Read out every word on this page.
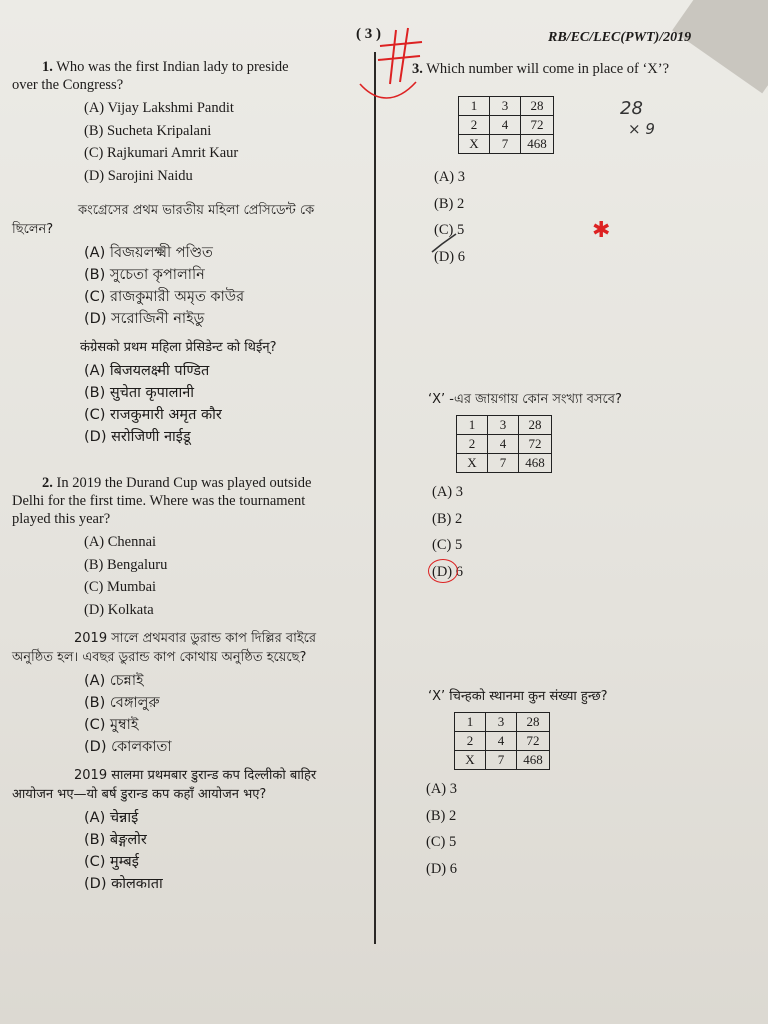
( 3 )	RB/EC/LEC(PWT)/2019
1. Who was the first Indian lady to preside
over the Congress?
(A) Vijay Lakshmi Pandit
(B) Sucheta Kripalani
(C) Rajkumari Amrit Kaur
(D) Sarojini Naidu
কংগ্রেসের প্রথম ভারতীয় মহিলা প্রেসিডেন্ট কে
ছিলেন?
(A) বিজয়লক্ষ্মী পণ্ডিত
(B) সুচেতা কৃপালানি
(C) রাজকুমারী অমৃত কাউর
(D) সরোজিনী নাইডু
कंग्रेसको प्रथम महिला प्रेसिडेन्ट को थिईन्?
(A) बिजयलक्ष्मी पण्डित
(B) सुचेता कृपालानी
(C) राजकुमारी अमृत कौर
(D) सरोजिणी नाईडू
2. In 2019 the Durand Cup was played outside
Delhi for the first time. Where was the tournament
played this year?
(A) Chennai
(B) Bengaluru
(C) Mumbai
(D) Kolkata
2019 সালে প্রথমবার ডুরান্ড কাপ দিল্লির বাইরে
অনুষ্ঠিত হল। এবছর ডুরান্ড কাপ কোথায় অনুষ্ঠিত হয়েছে?
(A) চেন্নাই
(B) বেঙ্গালুরু
(C) মুম্বাই
(D) কোলকাতা
2019 सालमा प्रथमबार डुरान्ड कप दिल्लीको बाहिर
आयोजन भए—यो बर्ष डुरान्ड कप कहाँ आयोजन भए?
(A) चेन्नाई
(B) बेङ्गलोर
(C) मुम्बई
(D) कोलकाता
3. Which number will come in place of ‘X’?
1	3	28
2	4	72
X	7	468
(A) 3
(B) 2
(C) 5
(D) 6
‘X’ -এর জায়গায় কোন সংখ্যা বসবে?
1	3	28
2	4	72
X	7	468
(A) 3
(B) 2
(C) 5
(D) 6
‘X’ चिन्हको स्थानमा कुन संख्या हुन्छ?
1	3	28
2	4	72
X	7	468
(A) 3
(B) 2
(C) 5
(D) 6
28
× 9
✱
